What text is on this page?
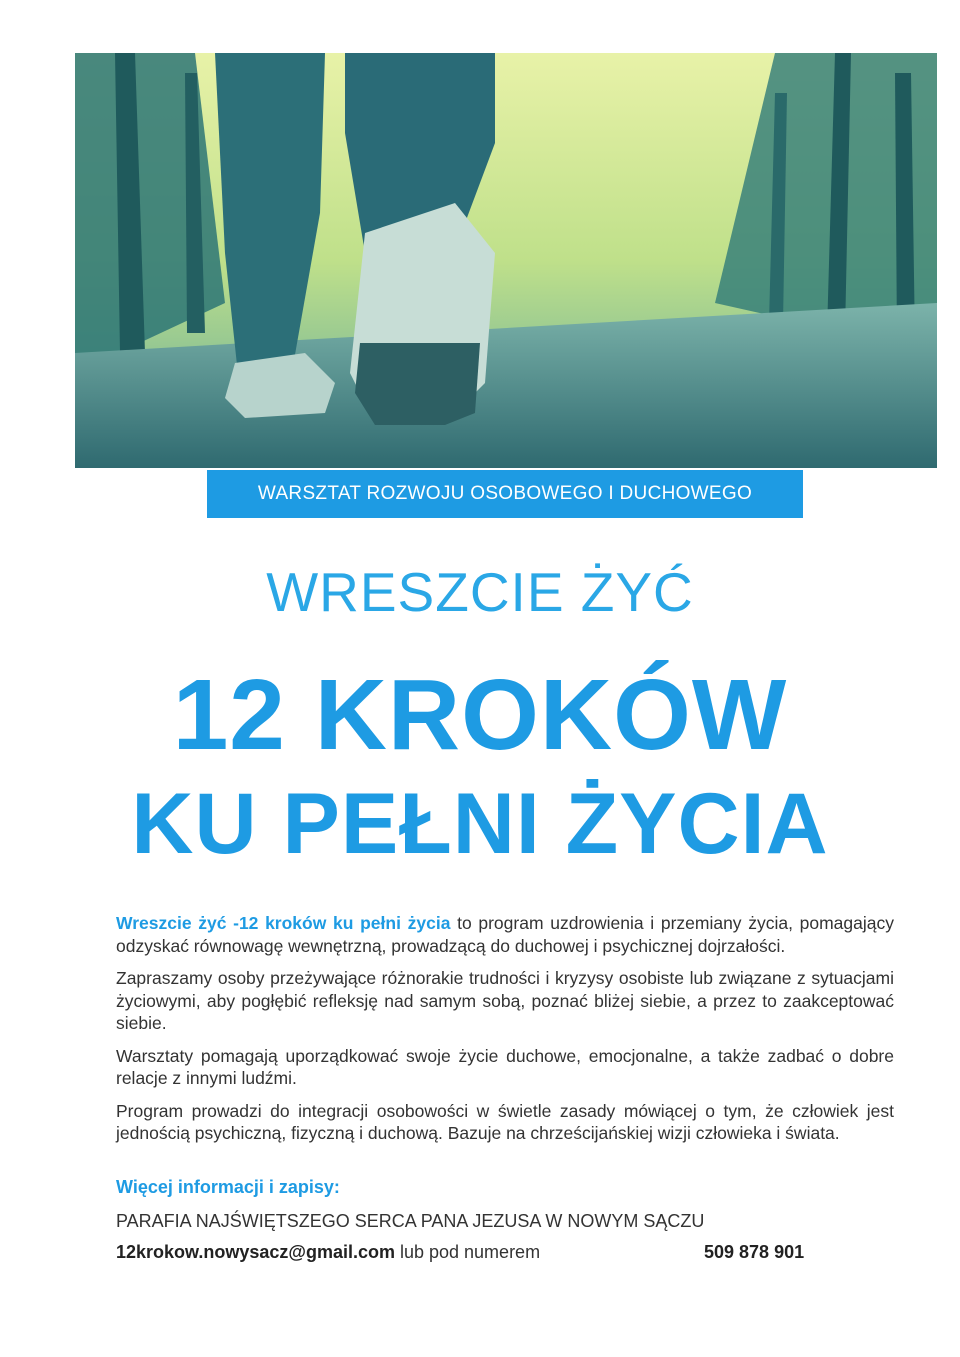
WARSZTAT ROZWOJU OSOBOWEGO I DUCHOWEGO
WRESZCIE ŻYĆ
12 KROKÓW
KU PEŁNI ŻYCIA

Wreszcie żyć -12 kroków ku pełni życia to program uzdrowienia i przemiany życia, pomagający odzyskać równowagę wewnętrzną, prowadzącą do duchowej i psychicznej dojrzałości.

Zapraszamy osoby przeżywające różnorakie trudności i kryzysy osobiste lub związane z sytuacjami życiowymi, aby pogłębić refleksję nad samym sobą, poznać bliżej siebie, a przez to zaakceptować siebie.

Warsztaty pomagają uporządkować swoje życie duchowe, emocjonalne, a także zadbać o dobre relacje z innymi ludźmi.

Program prowadzi do integracji osobowości w świetle zasady mówiącej o tym, że człowiek jest jednością psychiczną, fizyczną i duchową. Bazuje na chrześcijańskiej wizji człowieka i świata.

Więcej informacji i zapisy:
PARAFIA NAJŚWIĘTSZEGO SERCA PANA JEZUSA W NOWYM SĄCZU
12krokow.nowysacz@gmail.com lub pod numerem	509 878 901
